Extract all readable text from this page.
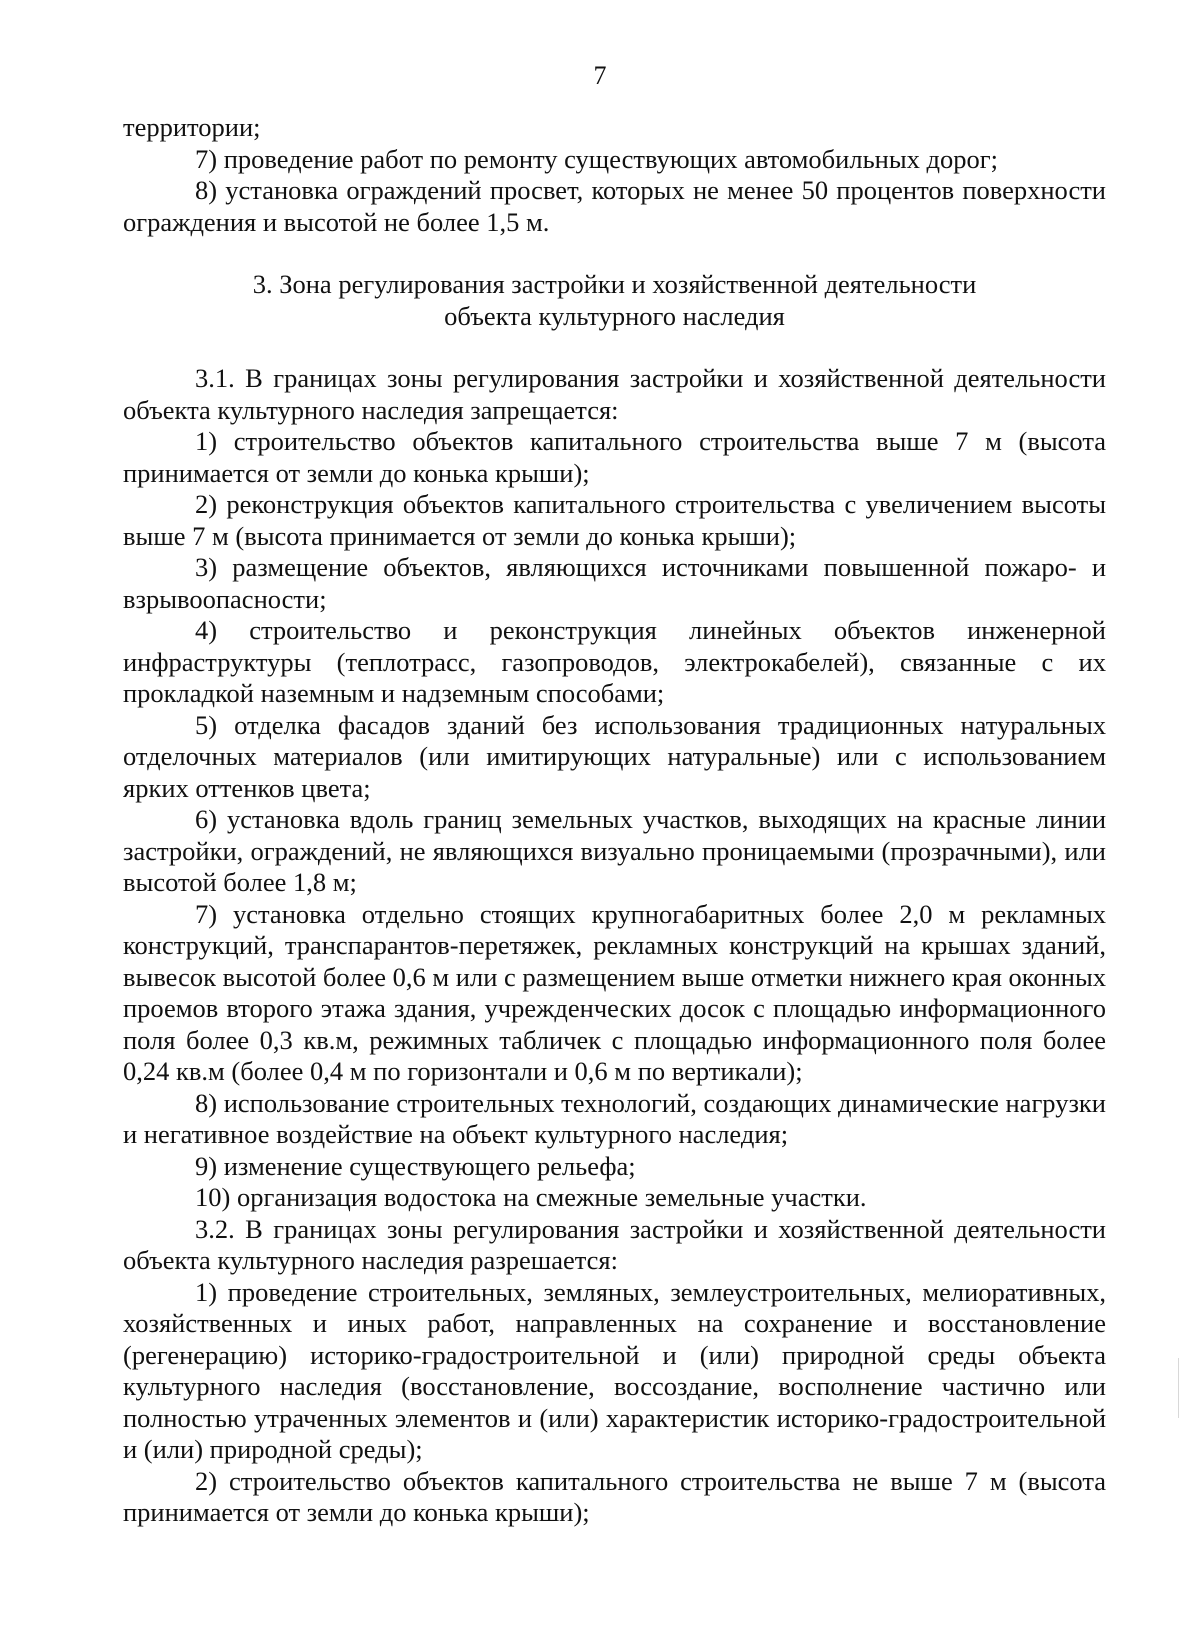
7

территории;

7) проведение работ по ремонту существующих автомобильных дорог;

8) установка ограждений просвет, которых не менее 50 процентов поверхности ограждения и высотой не более 1,5 м.

3. Зона регулирования застройки и хозяйственной деятельности

объекта культурного наследия

3.1. В границах зоны регулирования застройки и хозяйственной деятельности объекта культурного наследия запрещается:

1) строительство объектов капитального строительства выше 7 м (высота принимается от земли до конька крыши);

2) реконструкция объектов капитального строительства с увеличением высоты выше 7 м (высота принимается от земли до конька крыши);

3) размещение объектов, являющихся источниками повышенной пожаро- и взрывоопасности;

4) строительство и реконструкция линейных объектов инженерной инфраструктуры (теплотрасс, газопроводов, электрокабелей), связанные с их прокладкой наземным и надземным способами;

5) отделка фасадов зданий без использования традиционных натуральных отделочных материалов (или имитирующих натуральные) или с использованием ярких оттенков цвета;

6) установка вдоль границ земельных участков, выходящих на красные линии застройки, ограждений, не являющихся визуально проницаемыми (прозрачными), или высотой более 1,8 м;

7) установка отдельно стоящих крупногабаритных более 2,0 м рекламных конструкций, транспарантов-перетяжек, рекламных конструкций на крышах зданий, вывесок высотой более 0,6 м или с размещением выше отметки нижнего края оконных проемов второго этажа здания, учрежденческих досок с площадью информационного поля более 0,3 кв.м, режимных табличек с площадью информационного поля более 0,24 кв.м (более 0,4 м по горизонтали и 0,6 м по вертикали);

8) использование строительных технологий, создающих динамические нагрузки и негативное воздействие на объект культурного наследия;

9) изменение существующего рельефа;

10) организация водостока на смежные земельные участки.

3.2. В границах зоны регулирования застройки и хозяйственной деятельности объекта культурного наследия разрешается:

1) проведение строительных, земляных, землеустроительных, мелиоративных, хозяйственных и иных работ, направленных на сохранение и восстановление (регенерацию) историко-градостроительной и (или) природной среды объекта культурного наследия (восстановление, воссоздание, восполнение частично или полностью утраченных элементов и (или) характеристик историко-градостроительной и (или) природной среды);

2) строительство объектов капитального строительства не выше 7 м (высота принимается от земли до конька крыши);
